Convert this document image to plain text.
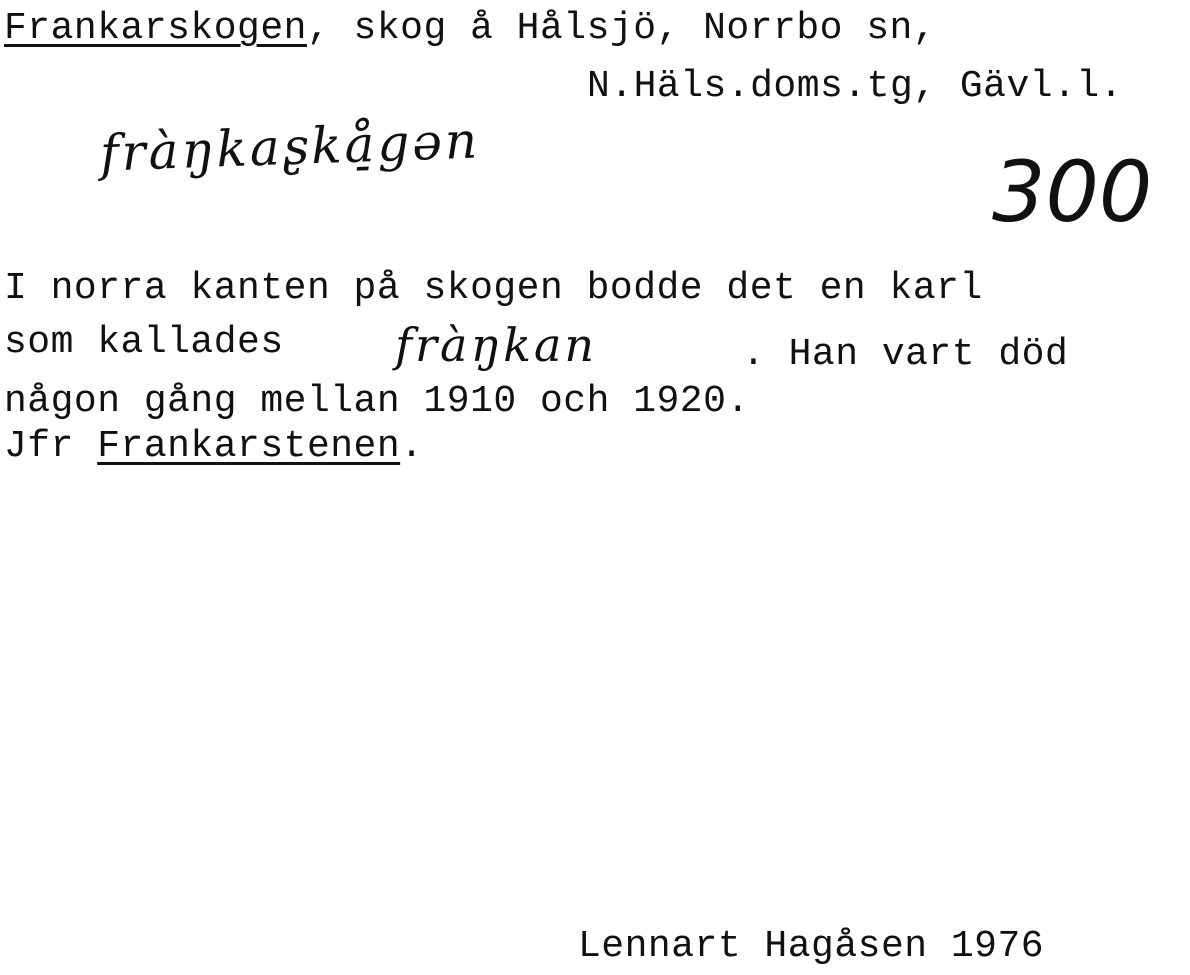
Frankarskogen, skog å Hålsjö, Norrbo sn,
N.Häls.doms.tg, Gävl.l.
fràŋkaʂkå̠gən	300
I norra kanten på skogen bodde det en karl
som kallades fràŋkan	. Han vart död
någon gång mellan 1910 och 1920.
Jfr Frankarstenen.
Lennart Hagåsen 1976
